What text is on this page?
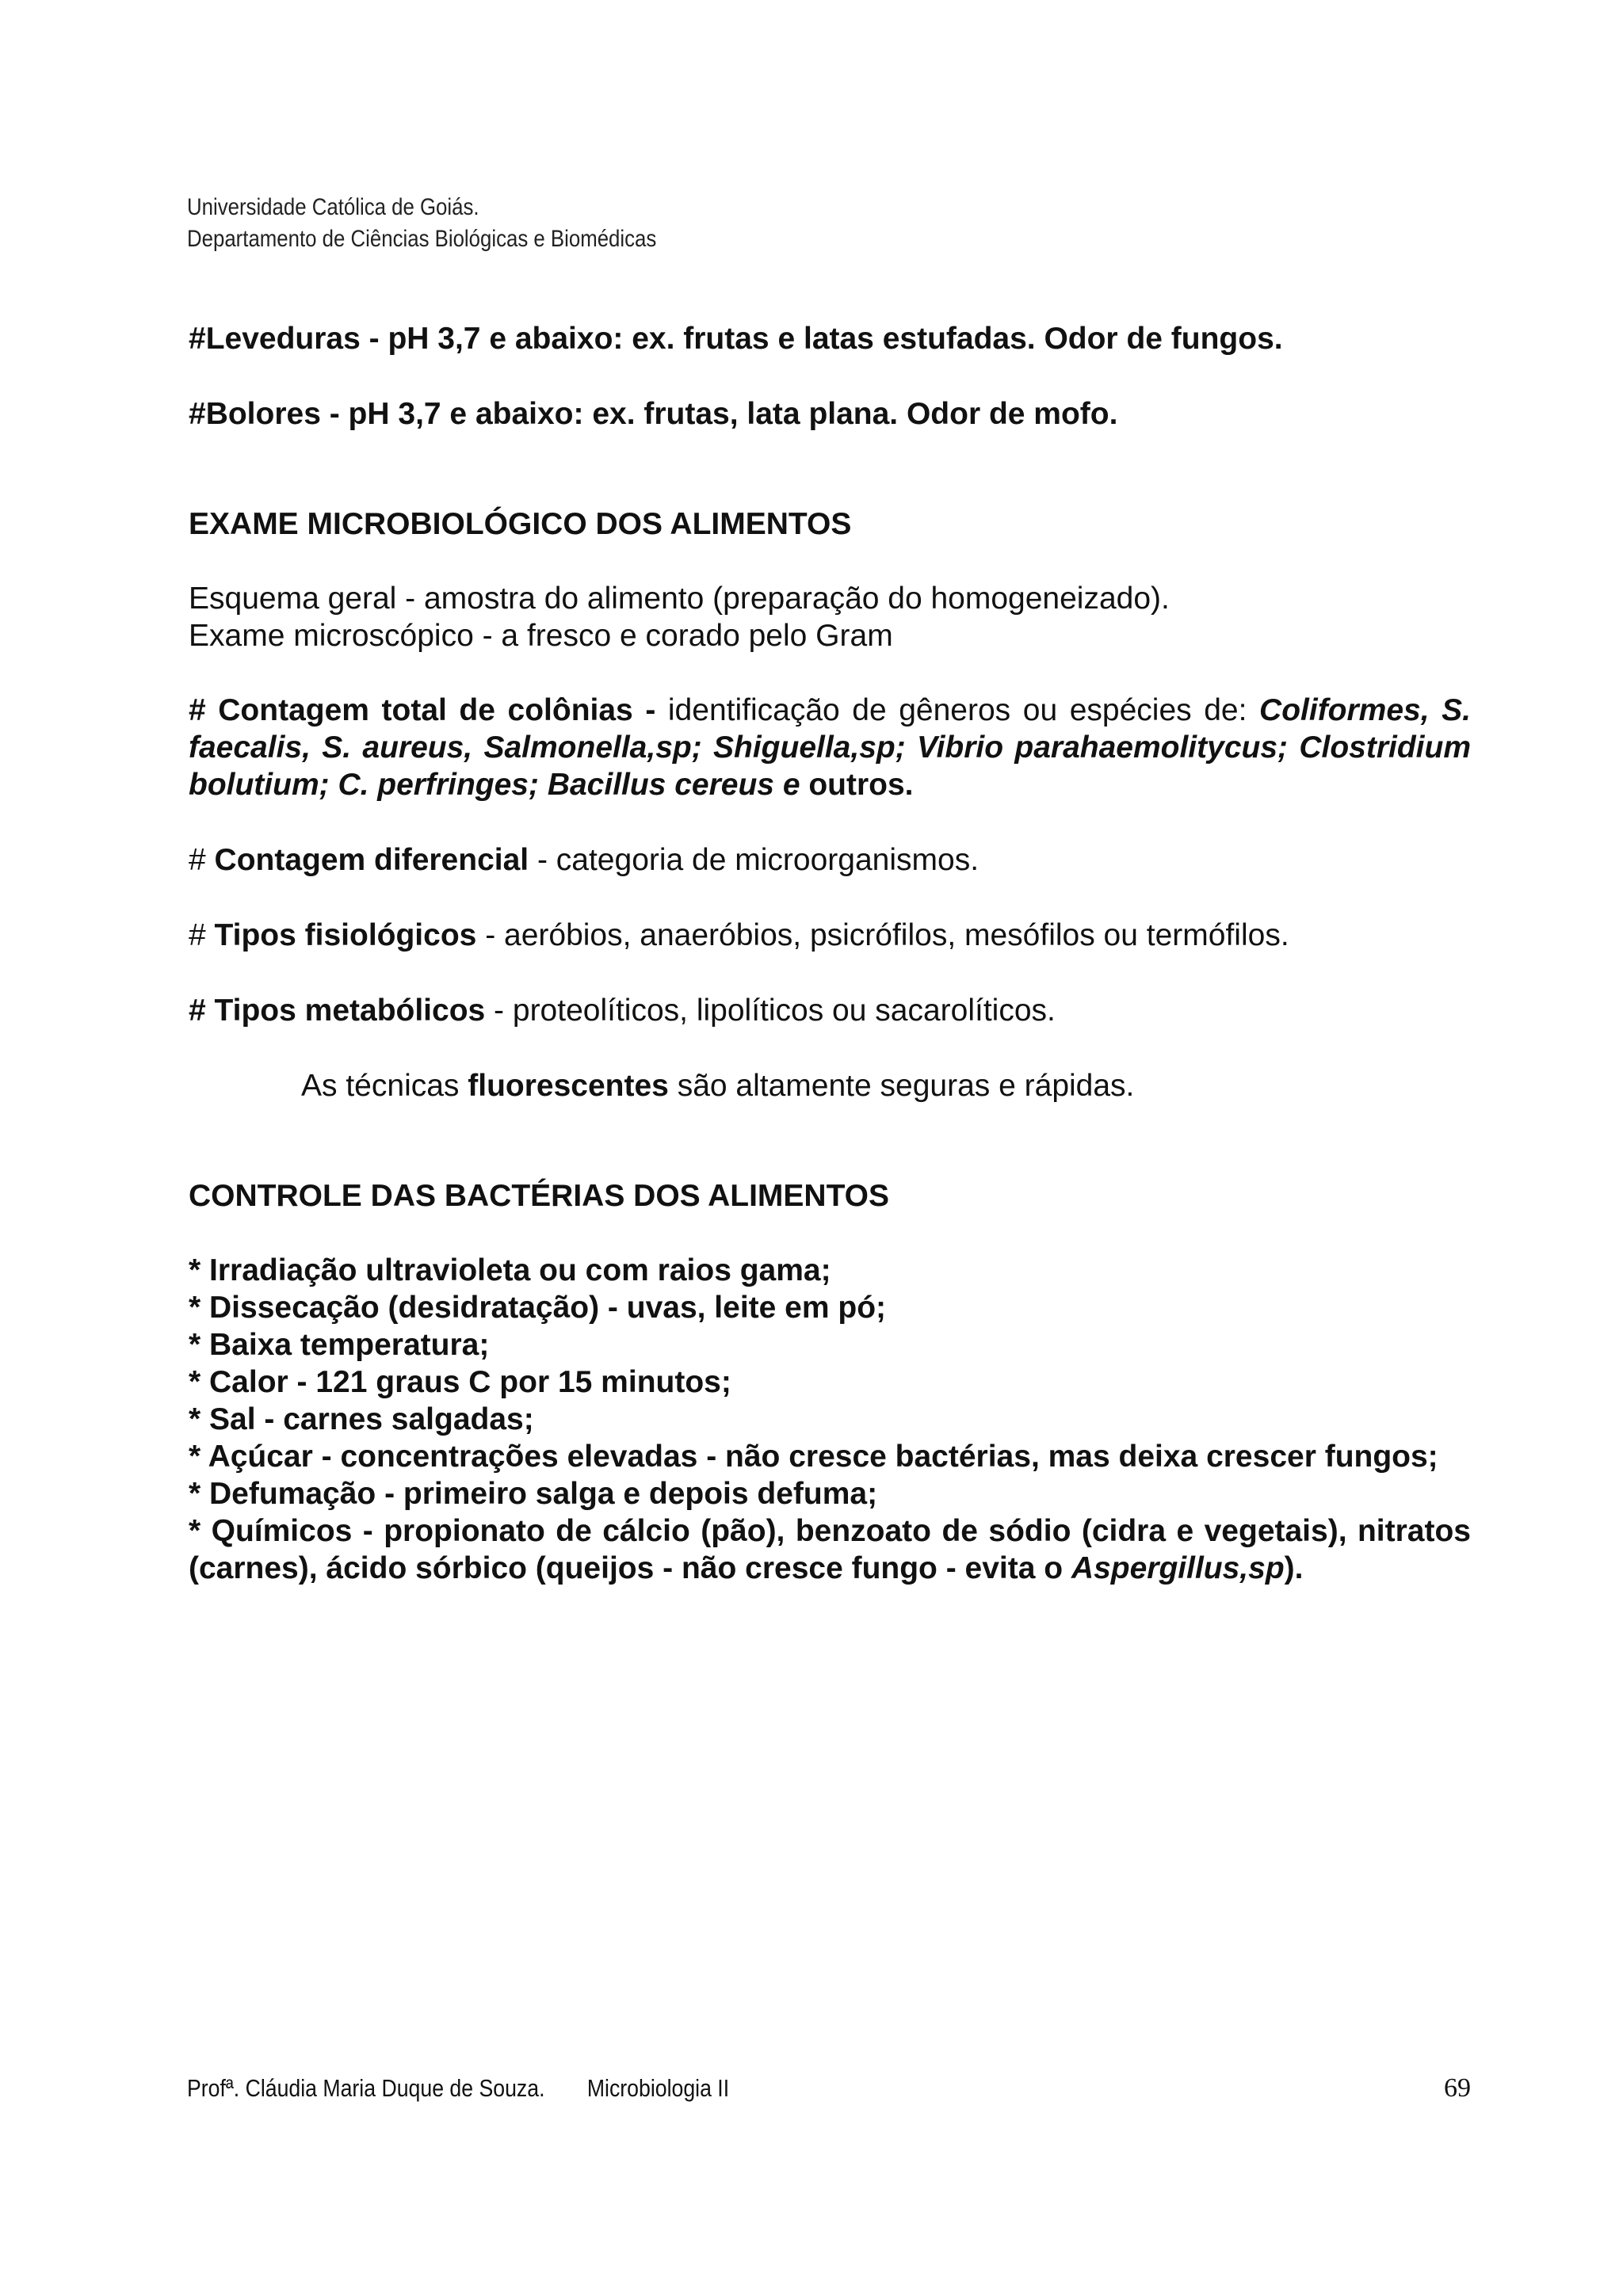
Universidade Católica de Goiás.
Departamento de Ciências Biológicas e Biomédicas

#Leveduras - pH 3,7 e abaixo: ex. frutas e latas estufadas. Odor de fungos.

#Bolores - pH 3,7 e abaixo: ex. frutas, lata plana. Odor de mofo.

EXAME MICROBIOLÓGICO DOS ALIMENTOS

Esquema geral - amostra do alimento (preparação do homogeneizado).

Exame microscópico - a fresco e corado pelo Gram

# Contagem total de colônias - identificação de gêneros ou espécies de: Coliformes, S. faecalis, S. aureus, Salmonella,sp; Shiguella,sp; Vibrio parahaemolitycus; Clostridium bolutium; C. perfringes; Bacillus cereus e outros.

# Contagem diferencial - categoria de microorganismos.

# Tipos fisiológicos - aeróbios, anaeróbios, psicrófilos, mesófilos ou termófilos.

# Tipos metabólicos - proteolíticos, lipolíticos ou sacarolíticos.

As técnicas fluorescentes são altamente seguras e rápidas.

CONTROLE DAS BACTÉRIAS DOS ALIMENTOS

* Irradiação ultravioleta ou com raios gama;

* Dissecação (desidratação) - uvas, leite em pó;

* Baixa temperatura;

* Calor - 121 graus C por 15 minutos;

* Sal - carnes salgadas;

* Açúcar - concentrações elevadas - não cresce bactérias, mas deixa crescer fungos;

* Defumação - primeiro salga e depois defuma;

* Químicos - propionato de cálcio (pão), benzoato de sódio (cidra e vegetais), nitratos (carnes), ácido sórbico (queijos - não cresce fungo - evita o Aspergillus,sp).

Profª. Cláudia Maria Duque de Souza. Microbiologia II	69
